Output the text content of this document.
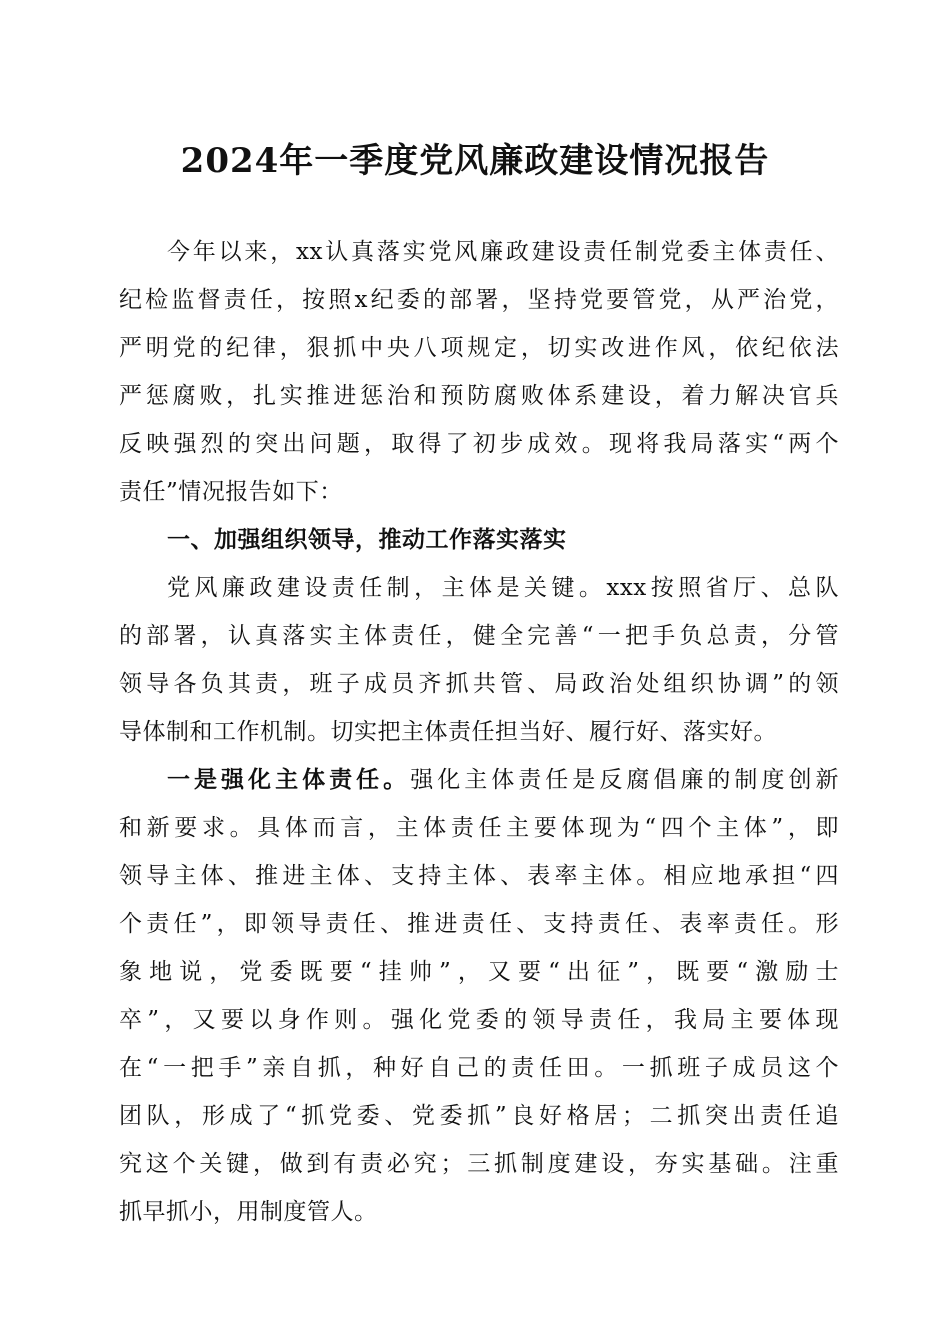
2024年一季度党风廉政建设情况报告
今年以来，xx认真落实党风廉政建设责任制党委主体责任、
纪检监督责任，按照x纪委的部署，坚持党要管党，从严治党，
严明党的纪律，狠抓中央八项规定，切实改进作风，依纪依法
严惩腐败，扎实推进惩治和预防腐败体系建设，着力解决官兵
反映强烈的突出问题，取得了初步成效。现将我局落实“两个
责任”情况报告如下：
一、加强组织领导，推动工作落实落实
党风廉政建设责任制，主体是关键。xxx按照省厅、总队
的部署，认真落实主体责任，健全完善“一把手负总责，分管
领导各负其责，班子成员齐抓共管、局政治处组织协调”的领
导体制和工作机制。切实把主体责任担当好、履行好、落实好。
一是强化主体责任。强化主体责任是反腐倡廉的制度创新
和新要求。具体而言，主体责任主要体现为“四个主体”，即
领导主体、推进主体、支持主体、表率主体。相应地承担“四
个责任”，即领导责任、推进责任、支持责任、表率责任。形
象地说，党委既要“挂帅”，又要“出征”，既要“激励士
卒”，又要以身作则。强化党委的领导责任，我局主要体现
在“一把手”亲自抓，种好自己的责任田。一抓班子成员这个
团队，形成了“抓党委、党委抓”良好格居；二抓突出责任追
究这个关键，做到有责必究；三抓制度建设，夯实基础。注重
抓早抓小，用制度管人。
